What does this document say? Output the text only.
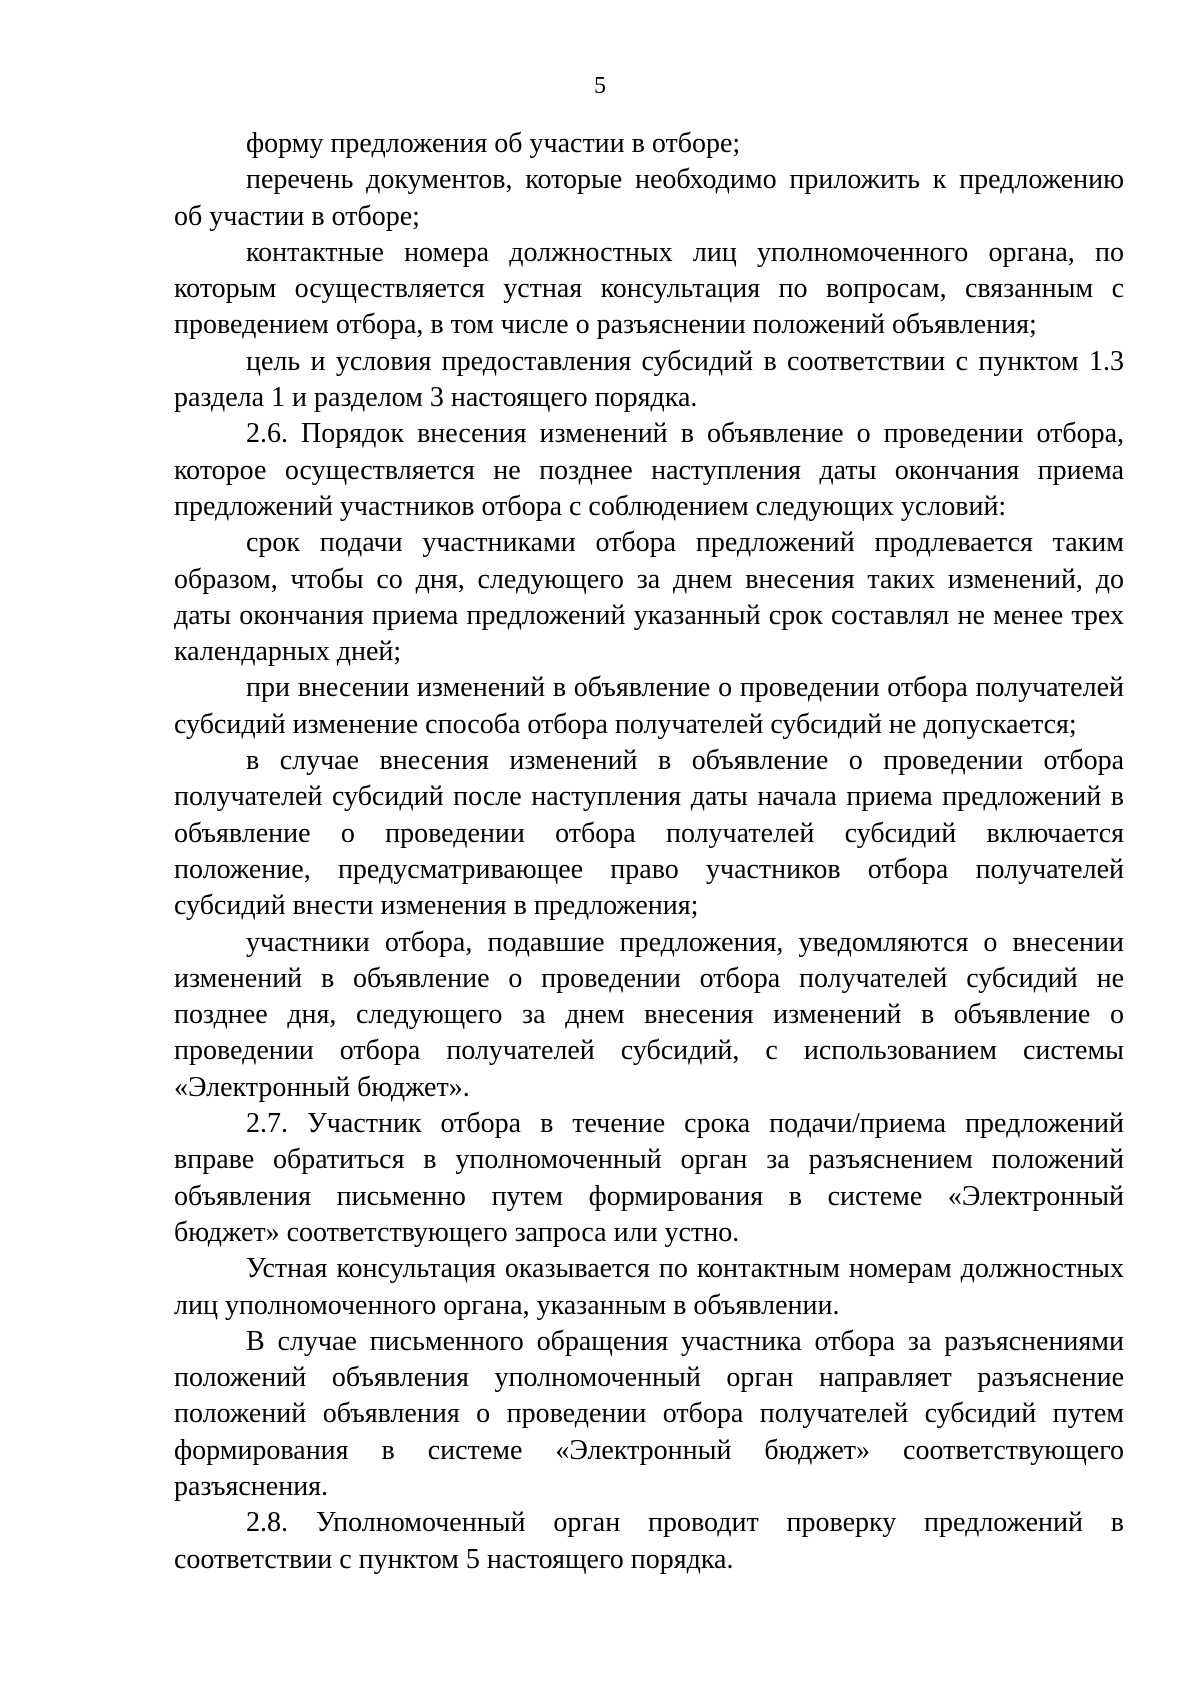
5

форму предложения об участии в отборе;

перечень документов, которые необходимо приложить к предложению об участии в отборе;

контактные номера должностных лиц уполномоченного органа, по которым осуществляется устная консультация по вопросам, связанным с проведением отбора, в том числе о разъяснении положений объявления;

цель и условия предоставления субсидий в соответствии с пунктом 1.3 раздела 1 и разделом 3 настоящего порядка.

2.6. Порядок внесения изменений в объявление о проведении отбора, которое осуществляется не позднее наступления даты окончания приема предложений участников отбора с соблюдением следующих условий:

срок подачи участниками отбора предложений продлевается таким образом, чтобы со дня, следующего за днем внесения таких изменений, до даты окончания приема предложений указанный срок составлял не менее трех календарных дней;

при внесении изменений в объявление о проведении отбора получателей субсидий изменение способа отбора получателей субсидий не допускается;

в случае внесения изменений в объявление о проведении отбора получателей субсидий после наступления даты начала приема предложений в объявление о проведении отбора получателей субсидий включается положение, предусматривающее право участников отбора получателей субсидий внести изменения в предложения;

участники отбора, подавшие предложения, уведомляются о внесении изменений в объявление о проведении отбора получателей субсидий не позднее дня, следующего за днем внесения изменений в объявление о проведении отбора получателей субсидий, с использованием системы «Электронный бюджет».

2.7. Участник отбора в течение срока подачи/приема предложений вправе обратиться в уполномоченный орган за разъяснением положений объявления письменно путем формирования в системе «Электронный бюджет» соответствующего запроса или устно.

Устная консультация оказывается по контактным номерам должностных лиц уполномоченного органа, указанным в объявлении.

В случае письменного обращения участника отбора за разъяснениями положений объявления уполномоченный орган направляет разъяснение положений объявления о проведении отбора получателей субсидий путем формирования в системе «Электронный бюджет» соответствующего разъяснения.

2.8. Уполномоченный орган проводит проверку предложений в соответствии с пунктом 5 настоящего порядка.
